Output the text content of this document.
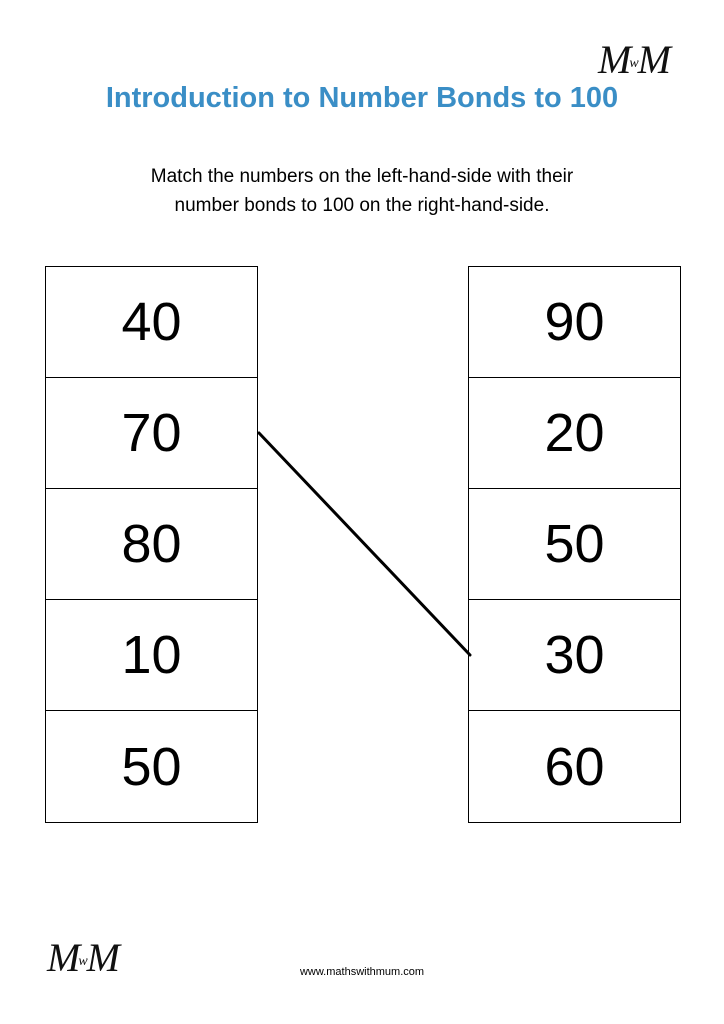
MwM
Introduction to Number Bonds to 100

Match the numbers on the left-hand-side with their
number bonds to 100 on the right-hand-side.

40
70
80
10
50
90
20
50
30
60
MwM	www.mathswithmum.com
